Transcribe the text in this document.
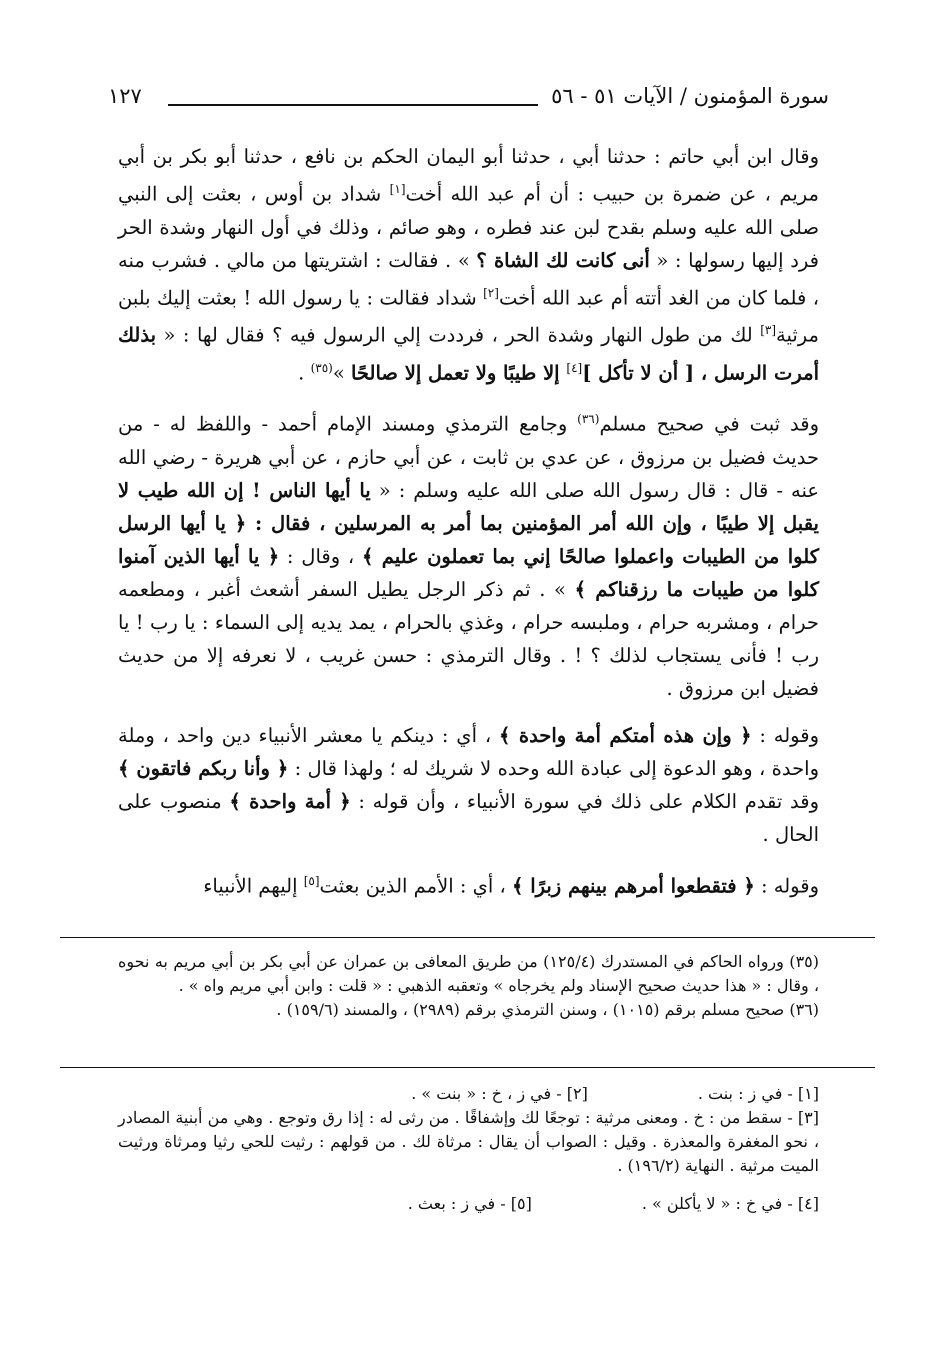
سورة المؤمنون / الآيات ٥١ - ٥٦
١٢٧

وقال ابن أبي حاتم : حدثنا أبي ، حدثنا أبو اليمان الحكم بن نافع ، حدثنا أبو بكر بن أبي مريم ، عن ضمرة بن حبيب : أن أم عبد الله أخت[١] شداد بن أوس ، بعثت إلى النبي صلى الله عليه وسلم بقدح لبن عند فطره ، وهو صائم ، وذلك في أول النهار وشدة الحر فرد إليها رسولها : « أنى كانت لك الشاة ؟ » . فقالت : اشتريتها من مالي . فشرب منه ، فلما كان من الغد أتته أم عبد الله أخت[٢] شداد فقالت : يا رسول الله ! بعثت إليك بلبن مرثية[٣] لك من طول النهار وشدة الحر ، فرددت إلي الرسول فيه ؟ فقال لها : « بذلك أمرت الرسل ، [ أن لا تأكل ][٤] إلا طيبًا ولا تعمل إلا صالحًا »$^{(٣٥)}$ .

وقد ثبت في صحيح مسلم$^{(٣٦)}$ وجامع الترمذي ومسند الإمام أحمد - واللفظ له - من حديث فضيل بن مرزوق ، عن عدي بن ثابت ، عن أبي حازم ، عن أبي هريرة - رضي الله عنه - قال : قال رسول الله صلى الله عليه وسلم : « يا أيها الناس ! إن الله طيب لا يقبل إلا طيبًا ، وإن الله أمر المؤمنين بما أمر به المرسلين ، فقال : ﴿ يا أيها الرسل كلوا من الطيبات واعملوا صالحًا إني بما تعملون عليم ﴾ ، وقال : ﴿ يا أيها الذين آمنوا كلوا من طيبات ما رزقناكم ﴾ » . ثم ذكر الرجل يطيل السفر أشعث أغبر ، ومطعمه حرام ، ومشربه حرام ، وملبسه حرام ، وغذي بالحرام ، يمد يديه إلى السماء : يا رب ! يا رب ! فأنى يستجاب لذلك ؟ ! . وقال الترمذي : حسن غريب ، لا نعرفه إلا من حديث فضيل ابن مرزوق .

وقوله : ﴿ وإن هذه أمتكم أمة واحدة ﴾ ، أي : دينكم يا معشر الأنبياء دين واحد ، وملة واحدة ، وهو الدعوة إلى عبادة الله وحده لا شريك له ؛ ولهذا قال : ﴿ وأنا ربكم فاتقون ﴾ وقد تقدم الكلام على ذلك في سورة الأنبياء ، وأن قوله : ﴿ أمة واحدة ﴾ منصوب على الحال .

وقوله : ﴿ فتقطعوا أمرهم بينهم زبرًا ﴾ ، أي : الأمم الذين بعثت[٥] إليهم الأنبياء

(٣٥) ورواه الحاكم في المستدرك (١٢٥/٤) من طريق المعافى بن عمران عن أبي بكر بن أبي مريم به نحوه ، وقال : « هذا حديث صحيح الإسناد ولم يخرجاه » وتعقبه الذهبي : « قلت : وابن أبي مريم واه » .

(٣٦) صحيح مسلم برقم (١٠١٥) ، وسنن الترمذي برقم (٢٩٨٩) ، والمسند (١٥٩/٦) .

[١] - في ز : بنت .
[٢] - في ز ، خ : « بنت » .

[٣] - سقط من : خ . ومعنى مرثية : توجعًا لك وإشفاقًا . من رثى له : إذا رق وتوجع . وهي من أبنية المصادر ، نحو المغفرة والمعذرة . وقيل : الصواب أن يقال : مرثاة لك . من قولهم : رثيت للحي رثيا ومرثاة ورثيت الميت مرثية . النهاية (١٩٦/٢) .

[٤] - في خ : « لا يأكلن » .
[٥] - في ز : بعث .
